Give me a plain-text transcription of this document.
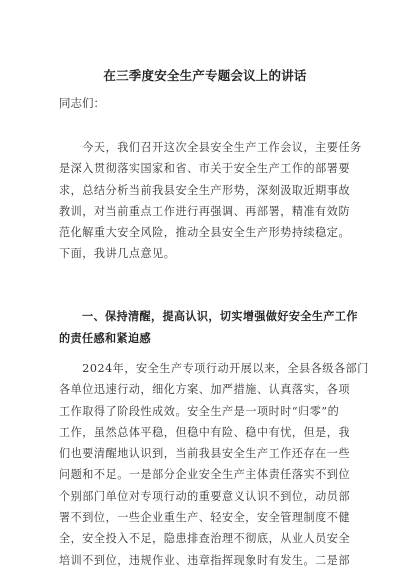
在三季度安全生产专题会议上的讲话
同志们：
　　今天，我们召开这次全县安全生产工作会议，主要任务
是深入贯彻落实国家和省、市关于安全生产工作的部署要
求，总结分析当前我县安全生产形势，深刻汲取近期事故
教训，对当前重点工作进行再强调、再部署，精准有效防
范化解重大安全风险，推动全县安全生产形势持续稳定。
下面，我讲几点意见。
　　一、保持清醒，提高认识，切实增强做好安全生产工作
的责任感和紧迫感
　　2024年，安全生产专项行动开展以来，全县各级各部门
各单位迅速行动，细化方案、加严措施、认真落实，各项
工作取得了阶段性成效。安全生产是一项时时“归零”的
工作，虽然总体平稳，但稳中有险、稳中有忧，但是，我
们也要清醒地认识到，当前我县安全生产工作还存在一些
问题和不足。一是部分企业安全生产主体责任落实不到位
个别部门单位对专项行动的重要意义认识不到位，动员部
署不到位，一些企业重生产、轻安全，安全管理制度不健
全，安全投入不足，隐患排查治理不彻底，从业人员安全
培训不到位，违规作业、违章指挥现象时有发生。二是部
